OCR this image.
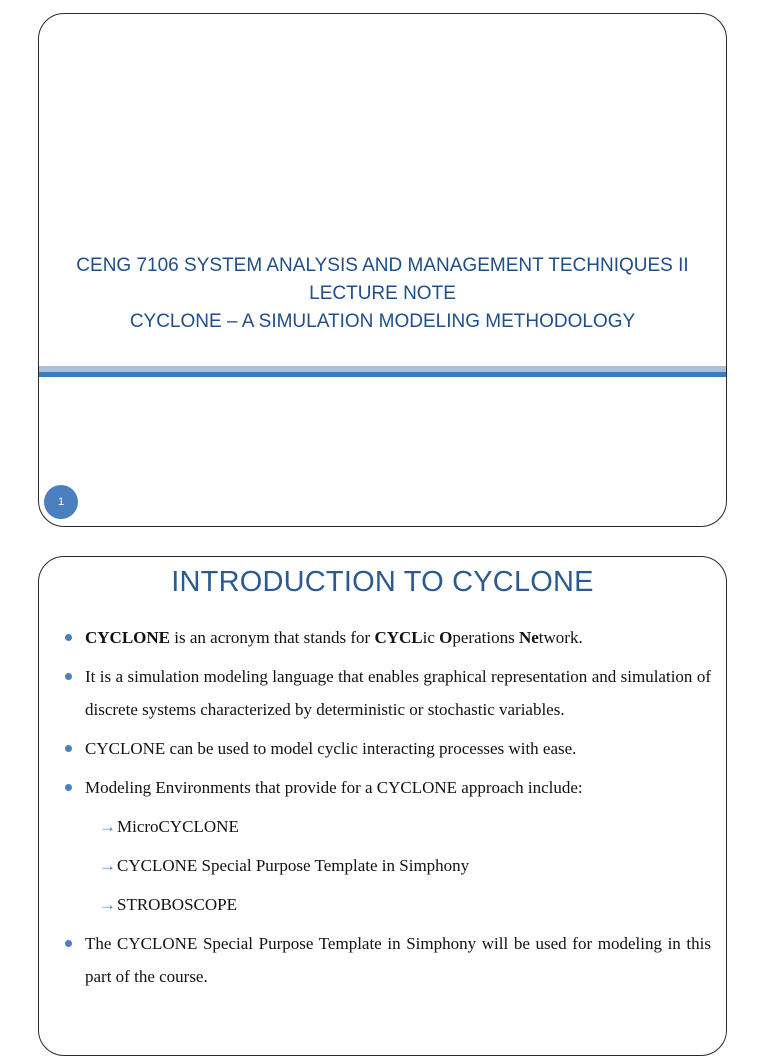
CENG 7106 SYSTEM ANALYSIS AND MANAGEMENT TECHNIQUES II
LECTURE NOTE
CYCLONE – A SIMULATION MODELING METHODOLOGY
1
INTRODUCTION TO CYCLONE
CYCLONE is an acronym that stands for CYCLic Operations Network.
It is a simulation modeling language that enables graphical representation and simulation of discrete systems characterized by deterministic or stochastic variables.
CYCLONE can be used to model cyclic interacting processes with ease.
Modeling Environments that provide for a CYCLONE approach include:
→MicroCYCLONE
→CYCLONE Special Purpose Template in Simphony
→STROBOSCOPE
The CYCLONE Special Purpose Template in Simphony will be used for modeling in this part of the course.
